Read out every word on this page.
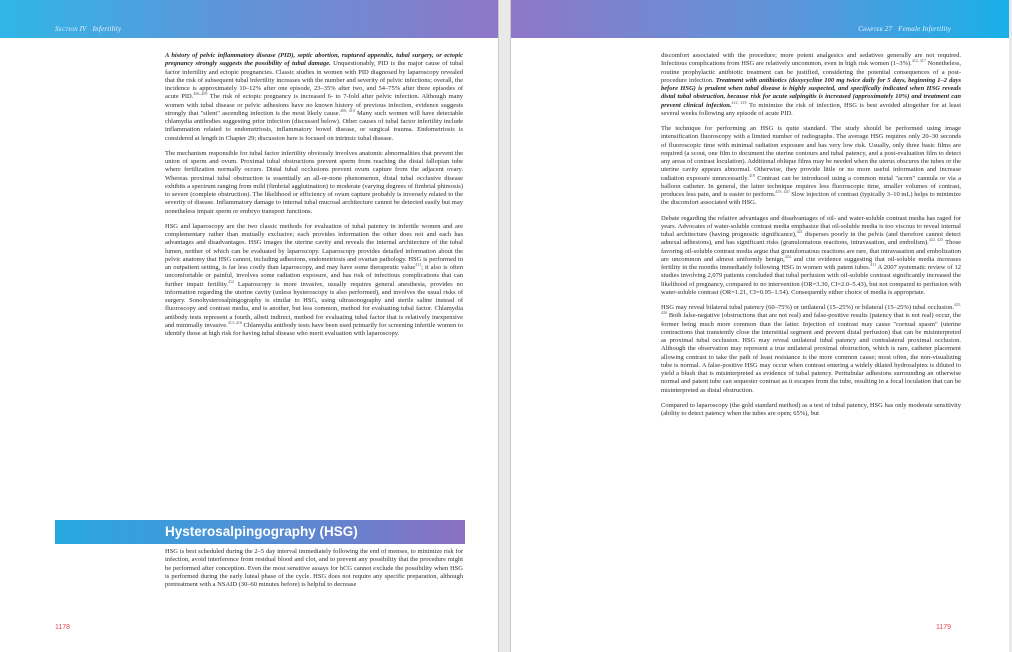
Section IV Infertility

A history of pelvic inflammatory disease (PID), septic abortion, ruptured appendix, tubal surgery, or ectopic pregnancy strongly suggests the possibility of tubal damage. Unquestionably, PID is the major cause of tubal factor infertility and ectopic pregnancies. Classic studies in women with PID diagnosed by laparoscopy revealed that the risk of subsequent tubal infertility increases with the number and severity of pelvic infections; overall, the incidence is approximately 10–12% after one episode, 23–35% after two, and 54–75% after three episodes of acute PID.$^{406-409}$ The risk of ectopic pregnancy is increased 6- to 7-fold after pelvic infection. Although many women with tubal disease or pelvic adhesions have no known history of previous infection, evidence suggests strongly that "silent" ascending infection is the most likely cause.$^{406, 410}$ Many such women will have detectable chlamydia antibodies suggesting prior infection (discussed below). Other causes of tubal factor infertility include inflammation related to endometriosis, inflammatory bowel disease, or surgical trauma. Endometriosis is considered at length in Chapter 29; discussion here is focused on intrinsic tubal disease.

The mechanism responsible for tubal factor infertility obviously involves anatomic abnormalities that prevent the union of sperm and ovum. Proximal tubal obstructions prevent sperm from reaching the distal fallopian tube where fertilization normally occurs. Distal tubal occlusions prevent ovum capture from the adjacent ovary. Whereas proximal tubal obstruction is essentially an all-or-none phenomenon, distal tubal occlusive disease exhibits a spectrum ranging from mild (fimbrial agglutination) to moderate (varying degrees of fimbrial phimosis) to severe (complete obstruction). The likelihood or efficiency of ovum capture probably is inversely related to the severity of disease. Inflammatory damage to internal tubal mucosal architecture cannot be detected easily but may nonetheless impair sperm or embryo transport functions.

HSG and laparoscopy are the two classic methods for evaluation of tubal patency in infertile women and are complementary rather than mutually exclusive; each provides information the other does not and each has advantages and disadvantages. HSG images the uterine cavity and reveals the internal architecture of the tubal lumen, neither of which can be evaluated by laparoscopy. Laparoscopy provides detailed information about the pelvic anatomy that HSG cannot, including adhesions, endometriosis and ovarian pathology. HSG is performed in an outpatient setting, is far less costly than laparoscopy, and may have some therapeutic value$^{411}$; it also is often uncomfortable or painful, involves some radiation exposure, and has risk of infectious complications that can further impair fertility.$^{412}$ Laparoscopy is more invasive, usually requires general anesthesia, provides no information regarding the uterine cavity (unless hysteroscopy is also performed), and involves the usual risks of surgery. Sonohysterosalpingography is similar to HSG, using ultrasonography and sterile saline instead of fluoroscopy and contrast media, and is another, but less common, method for evaluating tubal factor. Chlamydia antibody tests represent a fourth, albeit indirect, method for evaluating tubal factor that is relatively inexpensive and minimally invasive.$^{413-416}$ Chlamydia antibody tests have been used primarily for screening infertile women to identify those at high risk for having tubal disease who merit evaluation with laparoscopy.

Hysterosalpingography (HSG)

HSG is best scheduled during the 2–5 day interval immediately following the end of menses, to minimize risk for infection, avoid interference from residual blood and clot, and to prevent any possibility that the procedure might be performed after conception. Even the most sensitive assays for hCG cannot exclude the possibility when HSG is performed during the early luteal phase of the cycle. HSG does not require any specific preparation, although pretreatment with a NSAID (30–60 minutes before) is helpful to decrease

1178
Chapter 27 Female Infertility

discomfort associated with the procedure; more potent analgesics and sedatives generally are not required. Infectious complications from HSG are relatively uncommon, even in high risk women (1–3%).$^{412, 417}$ Nonetheless, routine prophylactic antibiotic treatment can be justified, considering the potential consequences of a post-procedure infection. Treatment with antibiotics (doxycycline 100 mg twice daily for 5 days, beginning 1–2 days before HSG) is prudent when tubal disease is highly suspected, and specifically indicated when HSG reveals distal tubal obstruction, because risk for acute salpingitis is increased (approximately 10%) and treatment can prevent clinical infection.$^{412, 418}$ To minimize the risk of infection, HSG is best avoided altogether for at least several weeks following any episode of acute PID.

The technique for performing an HSG is quite standard. The study should be performed using image intensification fluoroscopy with a limited number of radiographs. The average HSG requires only 20–30 seconds of fluoroscopic time with minimal radiation exposure and has very low risk. Usually, only three basic films are required (a scout, one film to document the uterine contours and tubal patency, and a post-evaluation film to detect any areas of contrast loculation). Additional oblique films may be needed when the uterus obscures the tubes or the uterine cavity appears abnormal. Otherwise, they provide little or no more useful information and increase radiation exposure unnecessarily.$^{419}$ Contrast can be introduced using a common metal "acorn" cannula or via a balloon catheter. In general, the latter technique requires less fluoroscopic time, smaller volumes of contrast, produces less pain, and is easier to perform.$^{419, 420}$ Slow injection of contrast (typically 3–10 mL) helps to minimize the discomfort associated with HSG.

Debate regarding the relative advantages and disadvantages of oil- and water-soluble contrast media has raged for years. Advocates of water-soluble contrast media emphasize that oil-soluble media is too viscous to reveal internal tubal architecture (having prognostic significance),$^{421}$ disperses poorly in the pelvis (and therefore cannot detect adnexal adhesions), and has significant risks (granulomatous reactions, intravasation, and embolism).$^{422, 423}$ Those favoring oil-soluble contrast media argue that granulomatous reactions are rare, that intravasation and embolization are uncommon and almost uniformly benign,$^{424}$ and cite evidence suggesting that oil-soluble media increases fertility in the months immediately following HSG in women with patent tubes.$^{411}$ A 2007 systematic review of 12 studies involving 2,079 patients concluded that tubal perfusion with oil-soluble contrast significantly increased the likelihood of pregnancy, compared to no intervention (OR=3.30, CI=2.0–5.43), but not compared to perfusion with water-soluble contrast (OR=1.21, CI=0.95–1.54). Consequently either choice of media is appropriate.

HSG may reveal bilateral tubal patency (60–75%) or unilateral (15–25%) or bilateral (15–25%) tubal occlusion.$^{425, 426}$ Both false-negative (obstructions that are not real) and false-positive results (patency that is not real) occur, the former being much more common than the latter. Injection of contrast may cause "cornual spasm" (uterine contractions that transiently close the interstitial segment and prevent distal perfusion) that can be misinterpreted as proximal tubal occlusion. HSG may reveal unilateral tubal patency and contralateral proximal occlusion. Although the observation may represent a true unilateral proximal obstruction, which is rare, catheter placement allowing contrast to take the path of least resistance is the more common cause; most often, the non-visualizing tube is normal. A false-positive HSG may occur when contrast entering a widely dilated hydrosalpinx is diluted to yield a blush that is misinterpreted as evidence of tubal patency. Peritubular adhesions surrounding an otherwise normal and patent tube can sequester contrast as it escapes from the tube, resulting in a focal loculation that can be misinterpreted as distal obstruction.

Compared to laparoscopy (the gold standard method) as a test of tubal patency, HSG has only moderate sensitivity (ability to detect patency when the tubes are open; 65%), but

1179
